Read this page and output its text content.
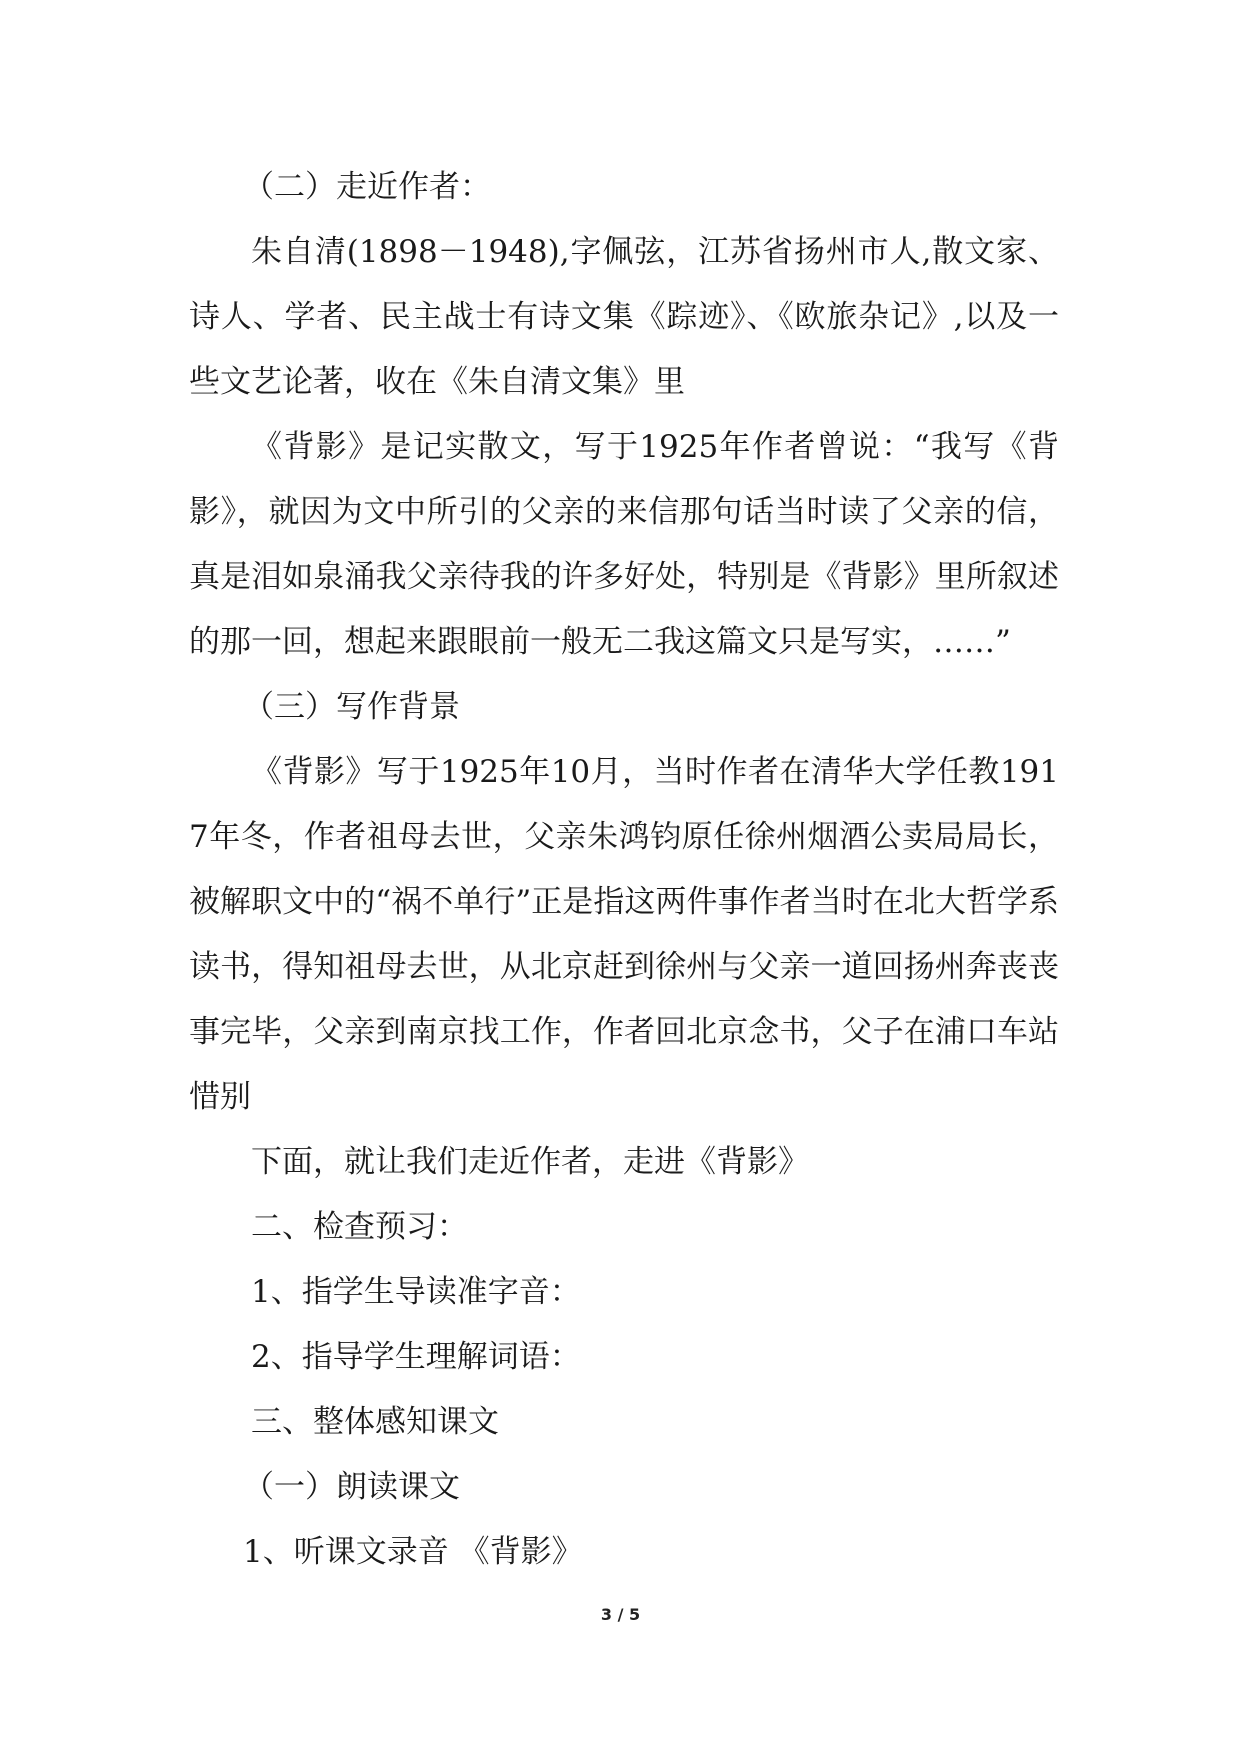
（二）走近作者：

朱自清(1898－1948),字佩弦，江苏省扬州市人,散文家、诗人、学者、民主战士有诗文集《踪迹》、《欧旅杂记》,以及一些文艺论著，收在《朱自清文集》里

《背影》是记实散文，写于1925年作者曾说：“我写《背影》，就因为文中所引的父亲的来信那句话当时读了父亲的信，真是泪如泉涌我父亲待我的许多好处，特别是《背影》里所叙述的那一回，想起来跟眼前一般无二我这篇文只是写实，……”

（三）写作背景

《背影》写于1925年10月，当时作者在清华大学任教1917年冬，作者祖母去世，父亲朱鸿钧原任徐州烟酒公卖局局长，被解职文中的“祸不单行”正是指这两件事作者当时在北大哲学系读书，得知祖母去世，从北京赶到徐州与父亲一道回扬州奔丧丧事完毕，父亲到南京找工作，作者回北京念书，父子在浦口车站惜别

下面，就让我们走近作者，走进《背影》

二、检查预习：

1、指学生导读准字音：

2、指导学生理解词语：

三、整体感知课文

（一）朗读课文

1、听课文录音 《背影》

3 / 5
